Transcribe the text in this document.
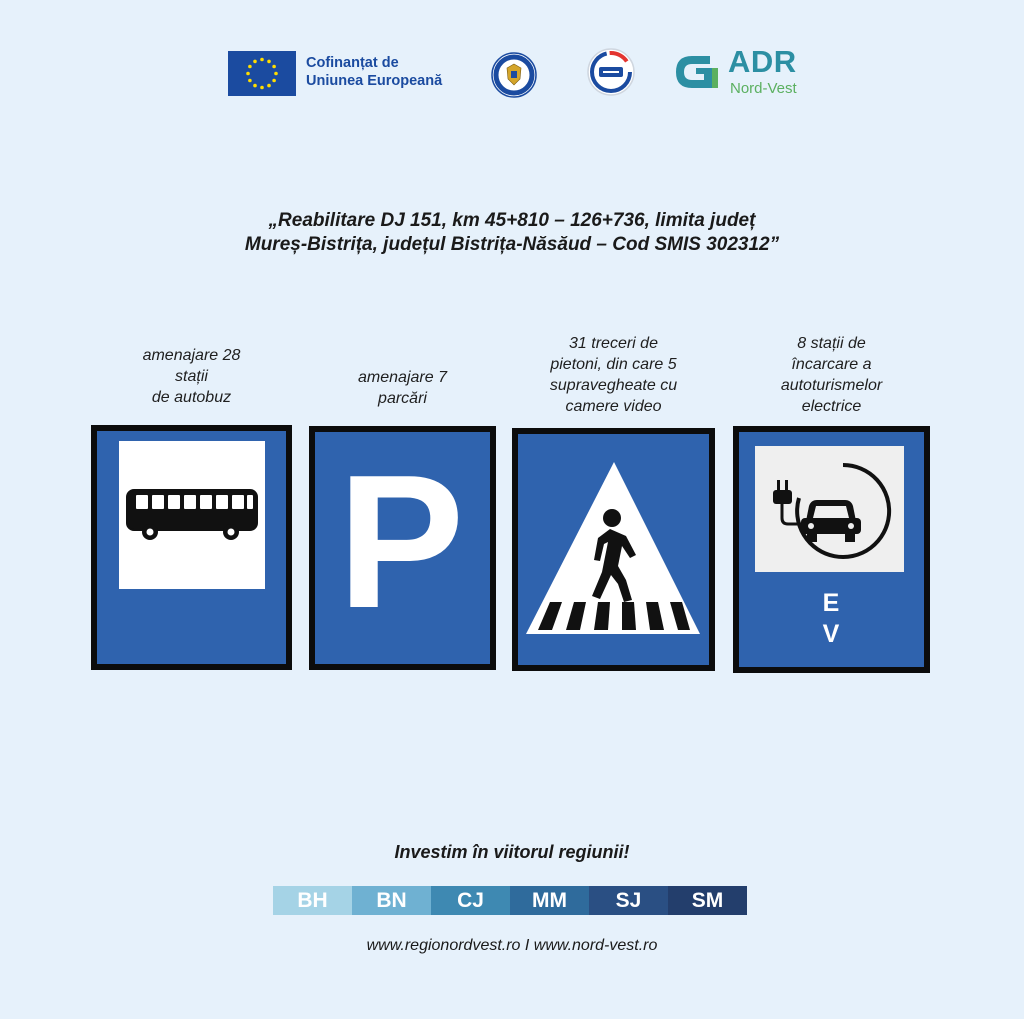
Cofinanțat de
Uniunea Europeană
ADR
Nord-Vest
„Reabilitare DJ 151, km 45+810 – 126+736, limita județ
Mureș-Bistrița, județul Bistrița-Năsăud – Cod SMIS 302312”
amenajare 28
stații
de autobuz
amenajare 7
parcări
31 treceri de
pietoni, din care 5
supravegheate cu
camere video
8 stații de
încarcare a
autoturismelor
electrice
P	E
V
Investim în viitorul regiunii!
BH	BN	CJ	MM	SJ	SM
www.regionordvest.ro I www.nord-vest.ro
